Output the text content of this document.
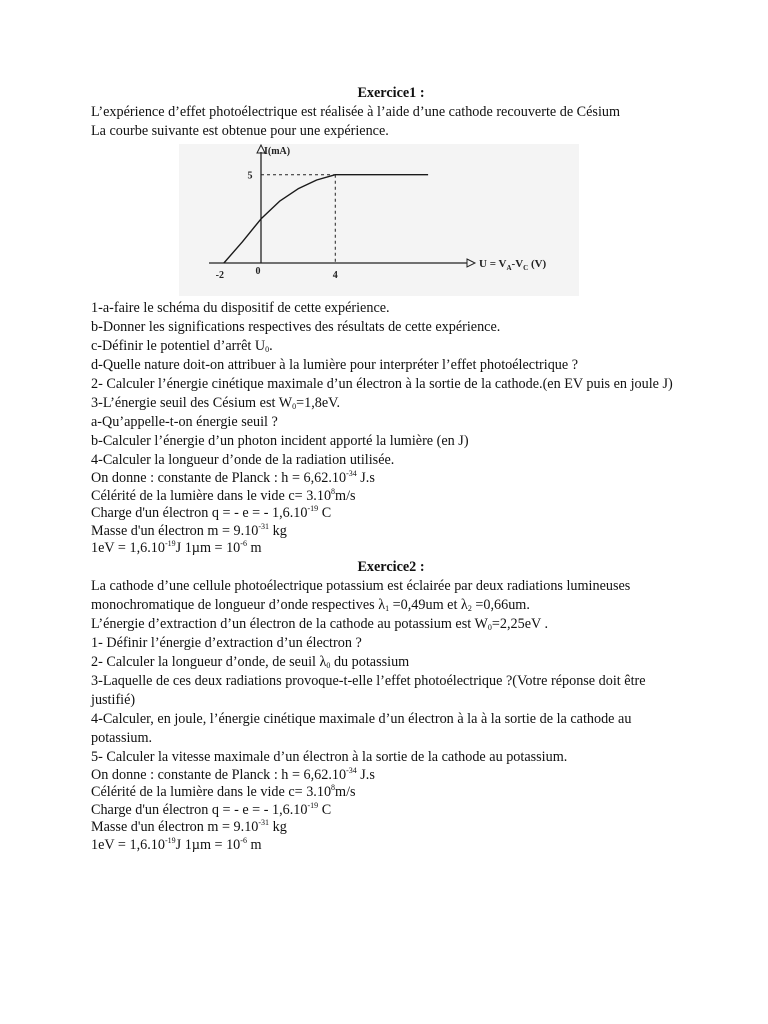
Exercice1 :
L’expérience d’effet photoélectrique est réalisée à l’aide d’une cathode recouverte de Césium
La courbe suivante est obtenue pour une expérience.
-2	0	4
5
I(mA)
$U = V_A-V_C$ (V)
1-a-faire le schéma du dispositif de cette expérience.
b-Donner les significations respectives des résultats de cette expérience.
c-Définir le potentiel d’arrêt $U_0$.
d-Quelle nature doit-on attribuer à la lumière pour interpréter l’effet photoélectrique ?
2- Calculer l’énergie cinétique maximale d’un électron à la sortie de la cathode.(en EV puis en joule J)
3-L’énergie seuil des Césium est $W_0=1,8eV$.
a-Qu’appelle-t-on énergie seuil ?
b-Calculer l’énergie d’un photon incident apporté la lumière (en J)
4-Calculer la longueur d’onde de la radiation utilisée.
On donne : constante de Planck : $h = 6,62.10^{-34}$ J.s
Célérité de la lumière dans le vide $c= 3.10^8m/s$
Charge d'un électron q = - e = - $1,6.10^{-19}$ C
Masse d'un électron $m = 9.10^{-31}$ kg
$1eV = 1,6.10^{-19}J$ $1\mu m = 10^{-6}$ m
Exercice2 :
La cathode d’une cellule photoélectrique potassium est éclairée par deux radiations lumineuses monochromatique de longueur d’onde respectives $\lambda_1 =0,49um$ et $\lambda_2 =0,66um$.
L’énergie d’extraction d’un électron de la cathode au potassium est $W_0=2,25eV$ .
1- Définir l’énergie d’extraction d’un électron ?
2- Calculer la longueur d’onde, de seuil $\lambda_0$ du potassium
3-Laquelle de ces deux radiations provoque-t-elle l’effet photoélectrique ?(Votre réponse doit être justifié)
4-Calculer, en joule, l’énergie cinétique maximale d’un électron à la à la sortie de la cathode au potassium.
5- Calculer la vitesse maximale d’un électron à la sortie de la cathode au potassium.
On donne : constante de Planck : $h = 6,62.10^{-34}$ J.s
Célérité de la lumière dans le vide $c= 3.10^8m/s$
Charge d'un électron q = - e = - $1,6.10^{-19}$ C
Masse d'un électron $m = 9.10^{-31}$ kg
$1eV = 1,6.10^{-19}J$ $1\mu m = 10^{-6}$ m
